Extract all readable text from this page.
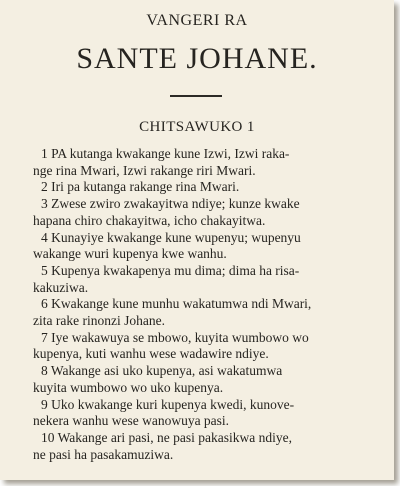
VANGERI RA

SANTE JOHANE.

CHITSAWUKO 1

1 PA kutanga kwakange kune Izwi, Izwi raka-
nge rina Mwari, Izwi rakange riri Mwari.

2 Iri pa kutanga rakange rina Mwari.

3 Zwese zwiro zwakayitwa ndiye; kunze kwake
hapana chiro chakayitwa, icho chakayitwa.

4 Kunayiye kwakange kune wupenyu; wupenyu
wakange wuri kupenya kwe wanhu.

5 Kupenya kwakapenya mu dima; dima ha risa-
kakuziwa.

6 Kwakange kune munhu wakatumwa ndi Mwari,
zita rake rinonzi Johane.

7 Iye wakawuya se mbowo, kuyita wumbowo wo
kupenya, kuti wanhu wese wadawire ndiye.

8 Wakange asi uko kupenya, asi wakatumwa
kuyita wumbowo wo uko kupenya.

9 Uko kwakange kuri kupenya kwedi, kunove-
nekera wanhu wese wanowuya pasi.

10 Wakange ari pasi, ne pasi pakasikwa ndiye,
ne pasi ha pasakamuziwa.
